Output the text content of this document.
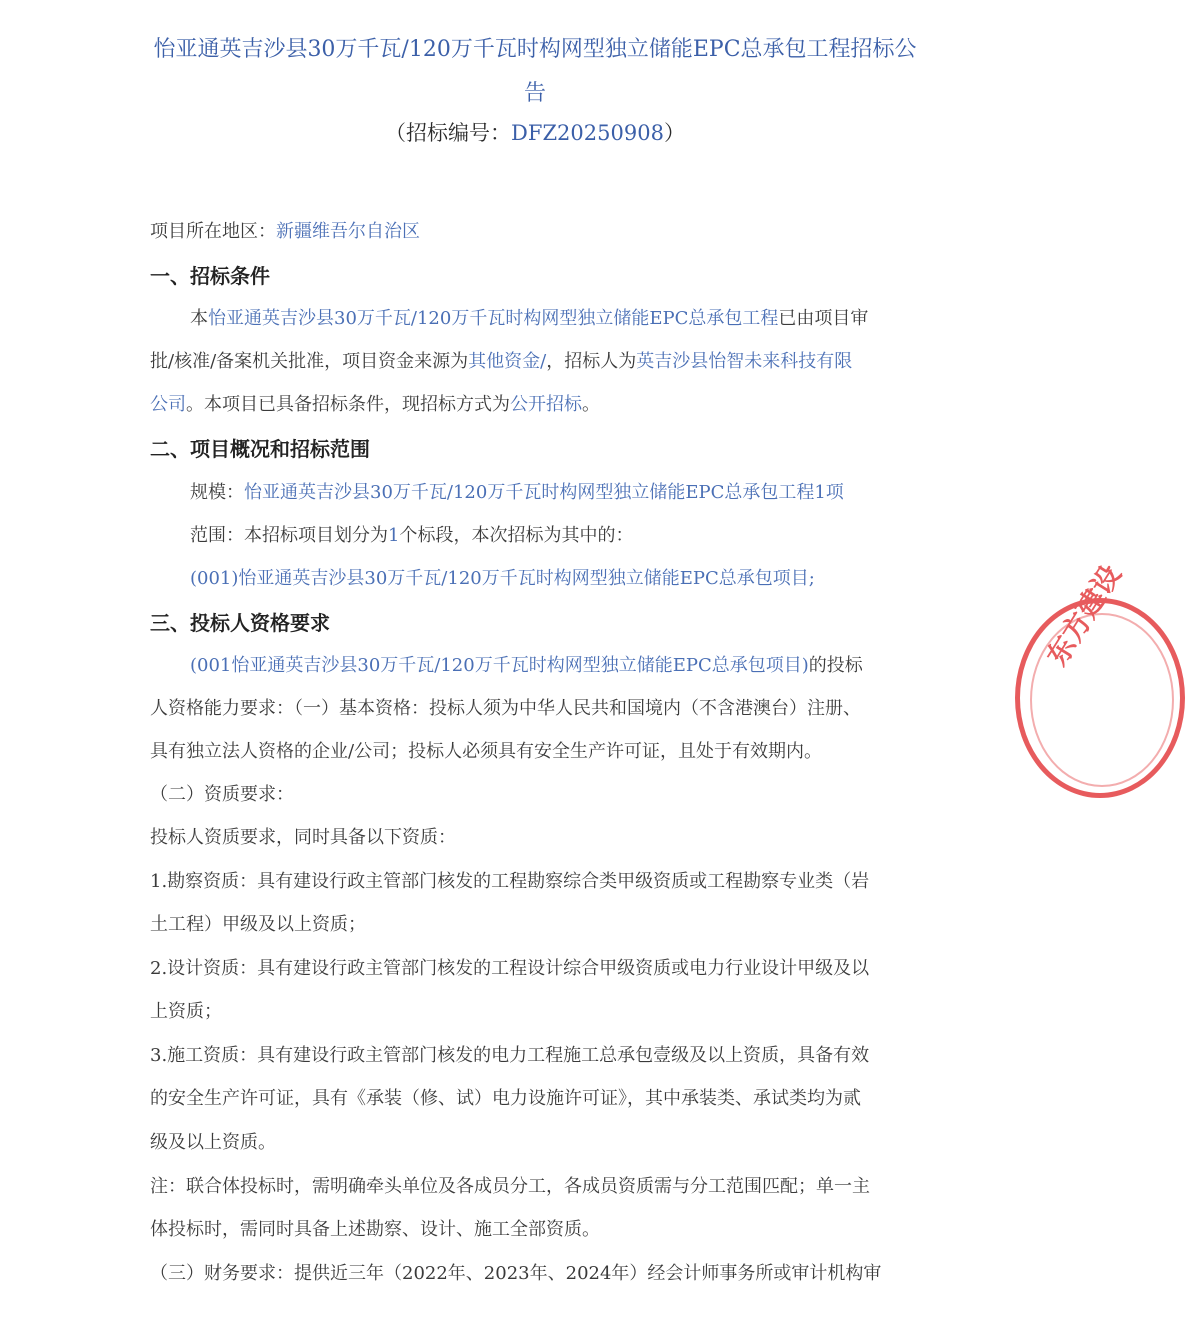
怡亚通英吉沙县30万千瓦/120万千瓦时构网型独立储能EPC总承包工程招标公
告
（招标编号：DFZ20250908）
项目所在地区：新疆维吾尔自治区
一、招标条件
本怡亚通英吉沙县30万千瓦/120万千瓦时构网型独立储能EPC总承包工程已由项目审
批/核准/备案机关批准，项目资金来源为其他资金/，招标人为英吉沙县怡智未来科技有限
公司。本项目已具备招标条件，现招标方式为公开招标。
二、项目概况和招标范围
规模：怡亚通英吉沙县30万千瓦/120万千瓦时构网型独立储能EPC总承包工程1项
范围：本招标项目划分为1个标段，本次招标为其中的：
(001)怡亚通英吉沙县30万千瓦/120万千瓦时构网型独立储能EPC总承包项目;
三、投标人资格要求
(001怡亚通英吉沙县30万千瓦/120万千瓦时构网型独立储能EPC总承包项目)的投标
人资格能力要求：（一）基本资格：投标人须为中华人民共和国境内（不含港澳台）注册、
具有独立法人资格的企业/公司；投标人必须具有安全生产许可证，且处于有效期内。
（二）资质要求：
投标人资质要求，同时具备以下资质：
1.勘察资质：具有建设行政主管部门核发的工程勘察综合类甲级资质或工程勘察专业类（岩
土工程）甲级及以上资质；
2.设计资质：具有建设行政主管部门核发的工程设计综合甲级资质或电力行业设计甲级及以
上资质；
3.施工资质：具有建设行政主管部门核发的电力工程施工总承包壹级及以上资质，具备有效
的安全生产许可证，具有《承装（修、试）电力设施许可证》，其中承装类、承试类均为贰
级及以上资质。
注：联合体投标时，需明确牵头单位及各成员分工，各成员资质需与分工范围匹配；单一主
体投标时，需同时具备上述勘察、设计、施工全部资质。
（三）财务要求：提供近三年（2022年、2023年、2024年）经会计师事务所或审计机构审
东方建设
